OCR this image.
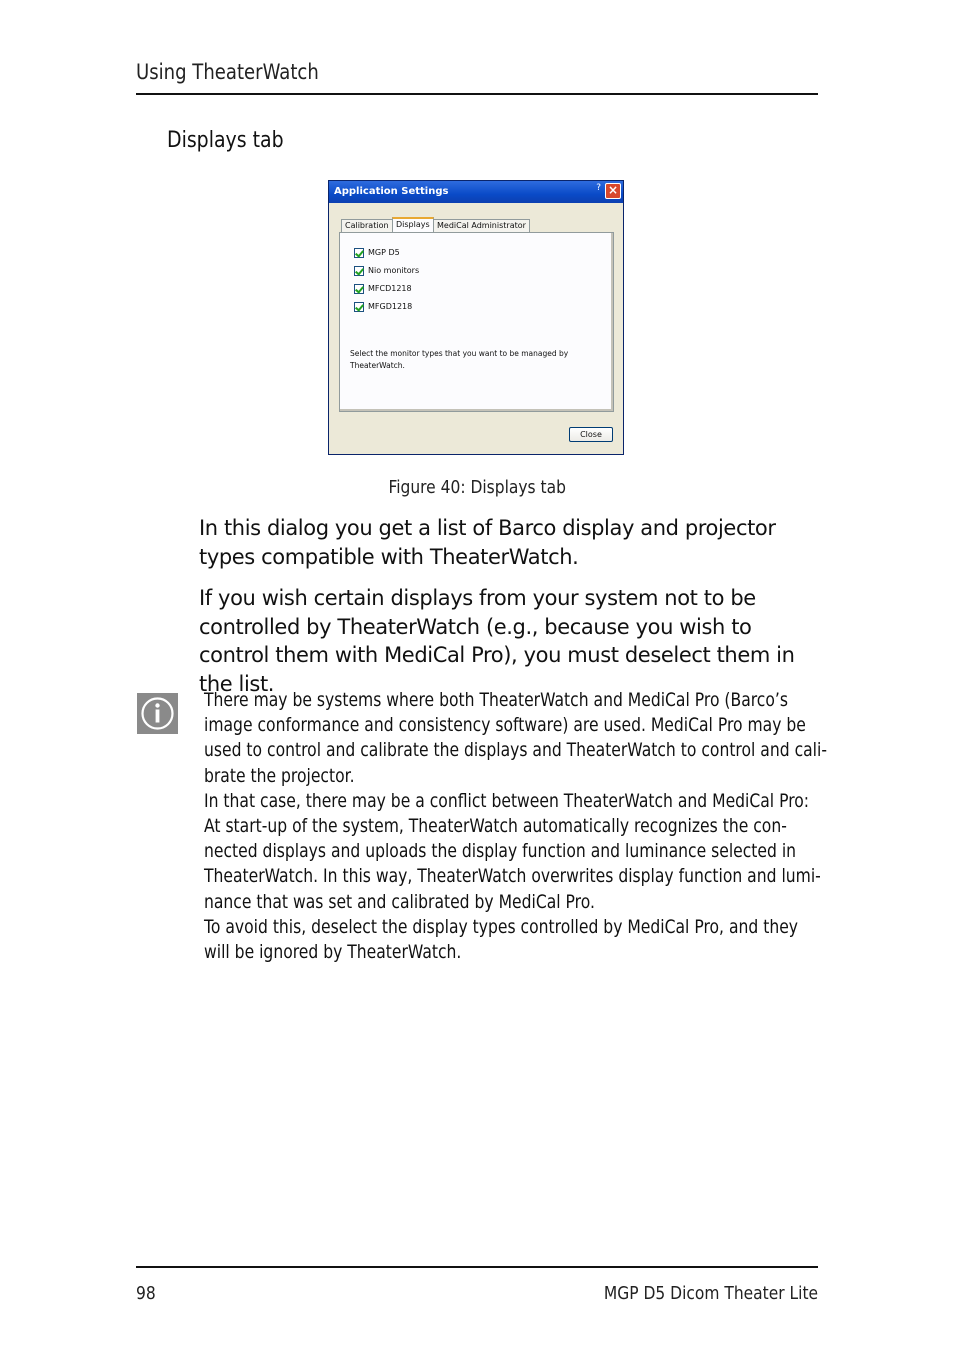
Using TheaterWatch
Displays tab
Application Settings	? ×
Calibration Displays MediCal Administrator
MGP D5
Nio monitors
MFCD1218
MFGD1218
Select the monitor types that you want to be managed by
TheaterWatch.
Close
Figure 40: Displays tab
In this dialog you get a list of Barco display and projector types compatible with TheaterWatch.
If you wish certain displays from your system not to be controlled by TheaterWatch (e.g., because you wish to control them with MediCal Pro), you must deselect them in the list.
There may be systems where both TheaterWatch and MediCal Pro (Barco’s
image conformance and consistency software) are used. MediCal Pro may be
used to control and calibrate the displays and TheaterWatch to control and cali-
brate the projector.
In that case, there may be a conflict between TheaterWatch and MediCal Pro:
At start-up of the system, TheaterWatch automatically recognizes the con-
nected displays and uploads the display function and luminance selected in
TheaterWatch. In this way, TheaterWatch overwrites display function and lumi-
nance that was set and calibrated by MediCal Pro.
To avoid this, deselect the display types controlled by MediCal Pro, and they
will be ignored by TheaterWatch.
98	MGP D5 Dicom Theater Lite
